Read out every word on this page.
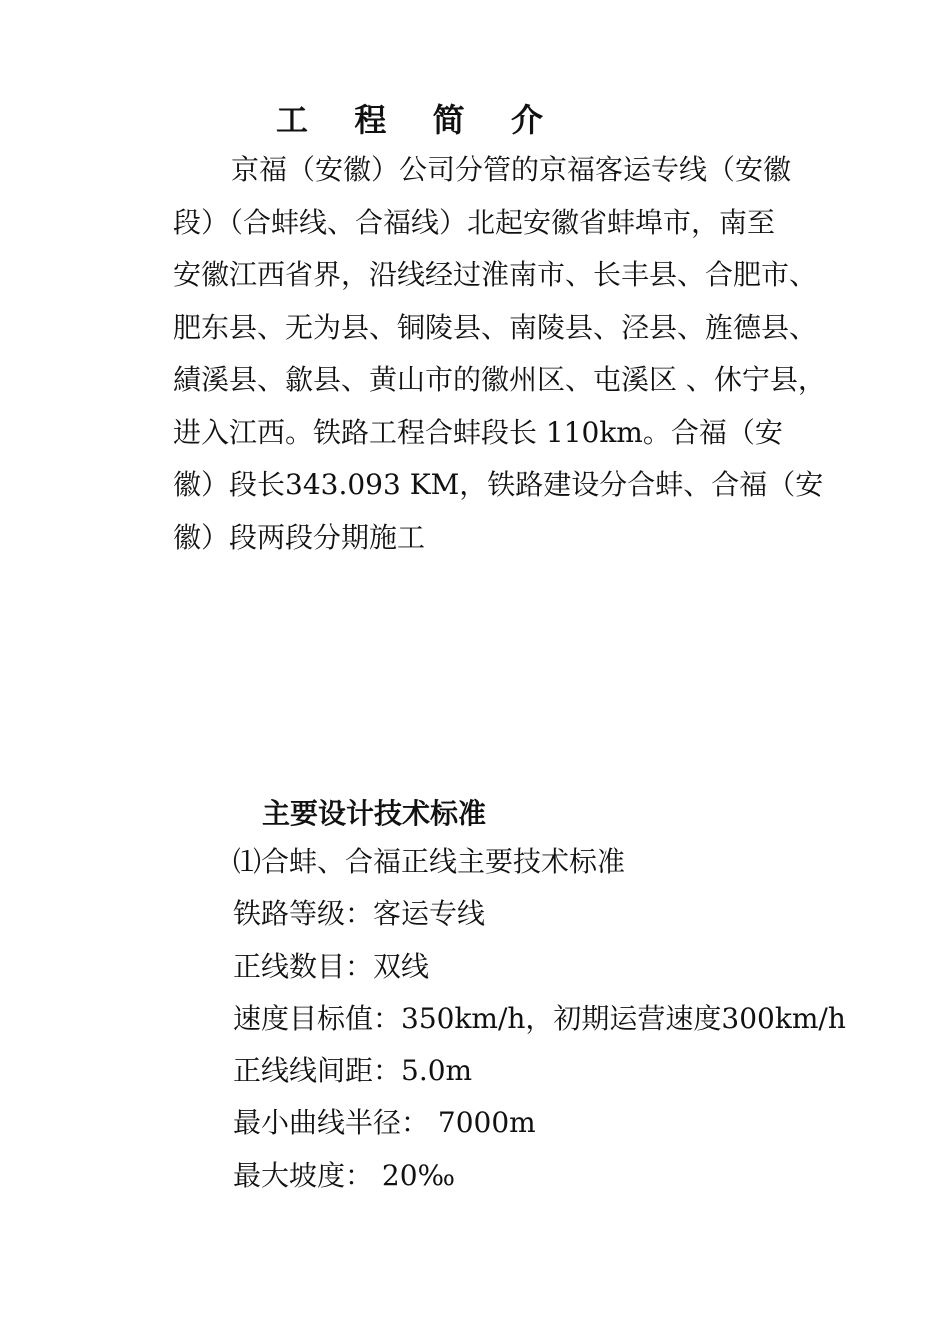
工 程 简 介
京福（安徽）公司分管的京福客运专线（安徽
段）（合蚌线、合福线）北起安徽省蚌埠市，南至
安徽江西省界，沿线经过淮南市、长丰县、合肥市、
肥东县、无为县、铜陵县、南陵县、泾县、旌德县、
績溪县、歙县、黄山市的徽州区、屯溪区 、休宁县，
进入江西。铁路工程合蚌段长 110km。合福（安
徽）段长343.093 KM，铁路建设分合蚌、合福（安
徽）段两段分期施工
主要设计技术标准
⑴合蚌、合福正线主要技术标准
铁路等级：客运专线
正线数目：双线
速度目标值：350km/h，初期运营速度300km/h
正线线间距：5.0m
最小曲线半径： 7000m
最大坡度： 20‰
